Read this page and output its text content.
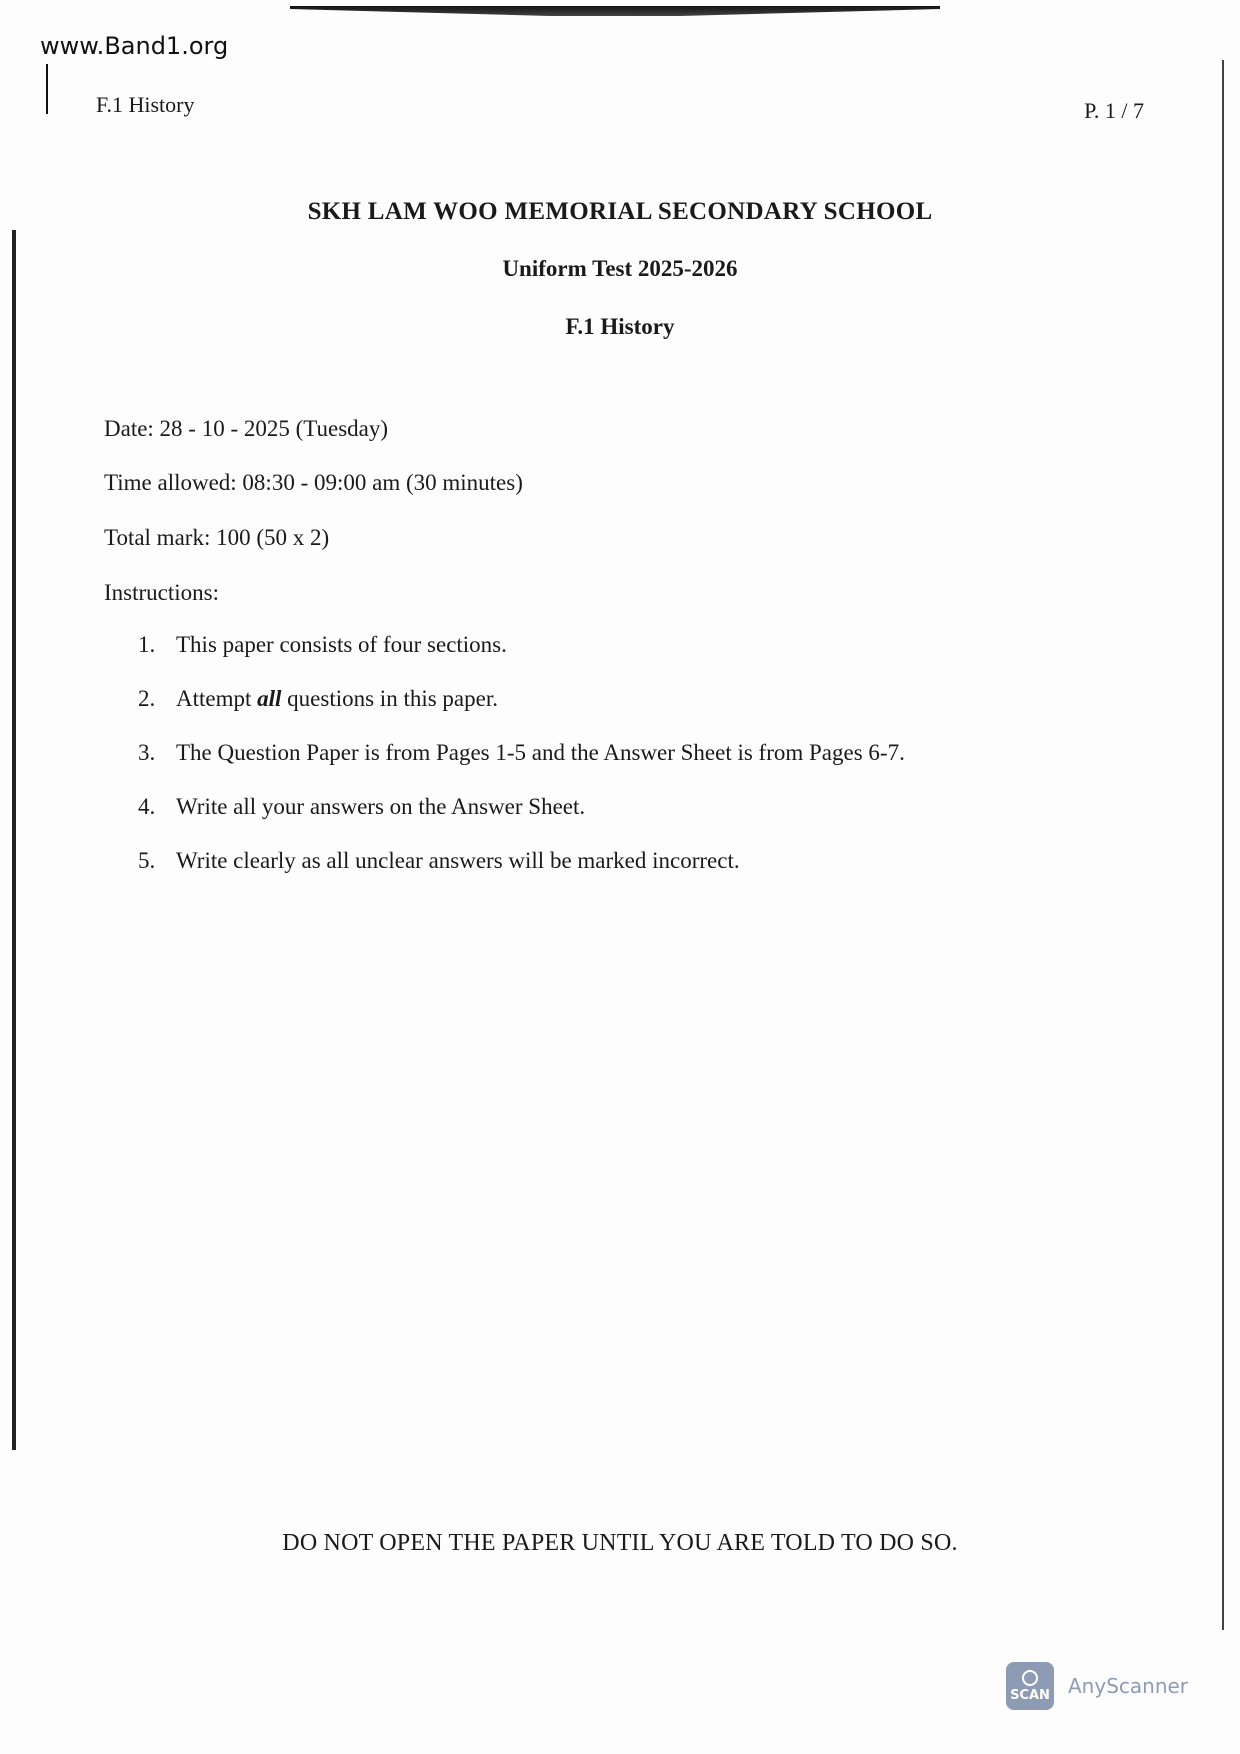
www.Band1.org
F.1 History	P. 1 / 7
SKH LAM WOO MEMORIAL SECONDARY SCHOOL
Uniform Test 2025-2026
F.1 History
Date: 28 - 10 - 2025 (Tuesday)
Time allowed: 08:30 - 09:00 am (30 minutes)
Total mark: 100 (50 x 2)
Instructions:
1. This paper consists of four sections.
2. Attempt all questions in this paper.
3. The Question Paper is from Pages 1-5 and the Answer Sheet is from Pages 6-7.
4. Write all your answers on the Answer Sheet.
5. Write clearly as all unclear answers will be marked incorrect.
DO NOT OPEN THE PAPER UNTIL YOU ARE TOLD TO DO SO.
SCAN AnyScanner
